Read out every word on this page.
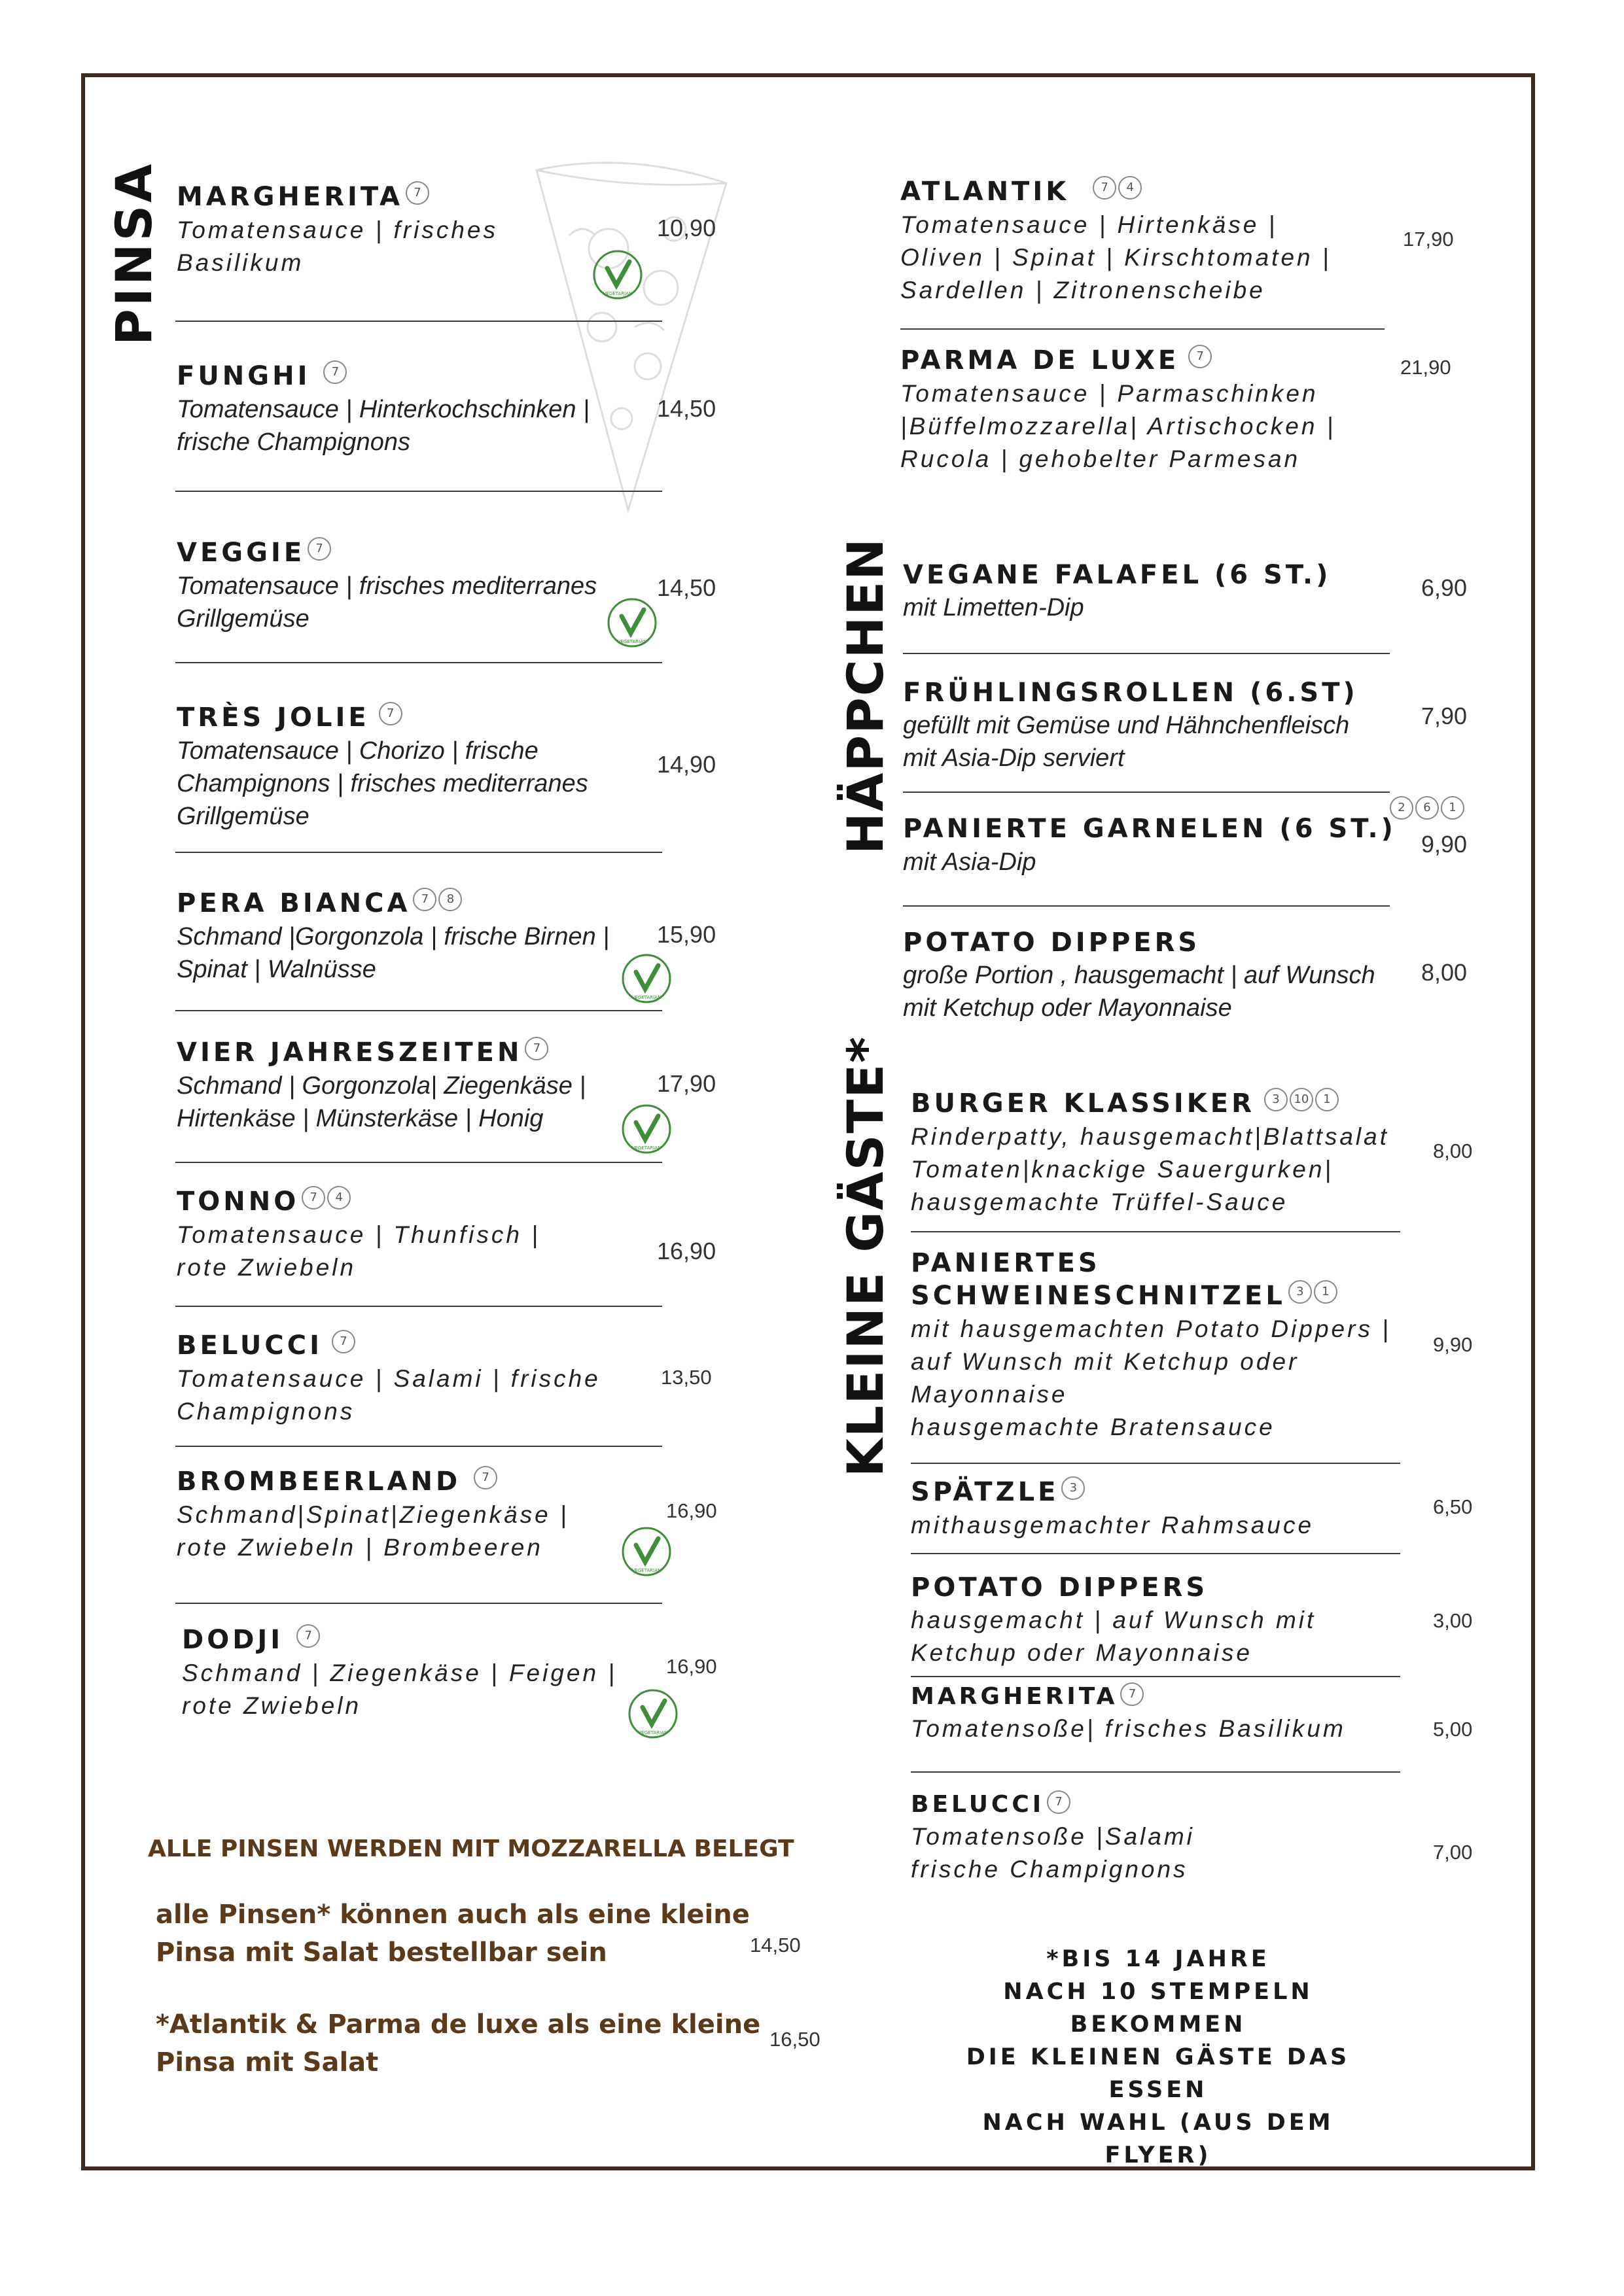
PINSA
HÄPPCHEN
KLEINE GÄSTE*
MARGHERITA 7
Tomatensauce | frisches
Basilikum
10,90
FUNGHI 7
Tomatensauce | Hinterkochschinken |
frische Champignons
14,50
VEGGIE 7
Tomatensauce | frisches mediterranes
Grillgemüse
14,50
TRÈS JOLIE 7
Tomatensauce | Chorizo | frische
Champignons | frisches mediterranes
Grillgemüse
14,90
PERA BIANCA 7 8
Schmand |Gorgonzola | frische Birnen |
Spinat | Walnüsse
15,90
VIER JAHRESZEITEN 7
Schmand | Gorgonzola| Ziegenkäse |
Hirtenkäse | Münsterkäse | Honig
17,90
TONNO 7 4
Tomatensauce | Thunfisch |
rote Zwiebeln
16,90
BELUCCI 7
Tomatensauce | Salami | frische
Champignons
13,50
BROMBEERLAND 7
Schmand|Spinat|Ziegenkäse |
rote Zwiebeln | Brombeeren
16,90
DODJI 7
Schmand | Ziegenkäse | Feigen |
rote Zwiebeln
16,90
VEGETARIAN
VEGETARIAN
VEGETARIAN
VEGETARIAN
VEGETARIAN
VEGETARIAN
ATLANTIK	7 4
Tomatensauce | Hirtenkäse |
Oliven | Spinat | Kirschtomaten |
Sardellen | Zitronenscheibe
17,90
PARMA DE LUXE 7
Tomatensauce | Parmaschinken
|Büffelmozzarella| Artischocken |
Rucola | gehobelter Parmesan
21,90
VEGANE FALAFEL (6 ST.)
mit Limetten-Dip
6,90
FRÜHLINGSROLLEN (6.ST)
gefüllt mit Gemüse und Hähnchenfleisch
mit Asia-Dip serviert
7,90
PANIERTE GARNELEN (6 ST.)2 6 1
mit Asia-Dip
9,90
POTATO DIPPERS
große Portion , hausgemacht | auf Wunsch
mit Ketchup oder Mayonnaise
8,00
BURGER KLASSIKER 3 10 1
Rinderpatty, hausgemacht|Blattsalat
Tomaten|knackige Sauergurken|
hausgemachte Trüffel-Sauce
8,00
PANIERTES
SCHWEINESCHNITZEL 3 1
mit hausgemachten Potato Dippers |
auf Wunsch mit Ketchup oder
Mayonnaise
hausgemachte Bratensauce
9,90
SPÄTZLE 3
mithausgemachter Rahmsauce
6,50
POTATO DIPPERS
hausgemacht | auf Wunsch mit
Ketchup oder Mayonnaise
3,00
MARGHERITA 7
Tomatensoße| frisches Basilikum	5,00
BELUCCI 7
Tomatensoße |Salami
frische Champignons
7,00
ALLE PINSEN WERDEN MIT MOZZARELLA BELEGT
alle Pinsen* können auch als eine kleine
Pinsa mit Salat bestellbar sein	14,50
*Atlantik & Parma de luxe als eine kleine
Pinsa mit Salat
16,50
*BIS 14 JAHRE
NACH 10 STEMPELN BEKOMMEN
DIE KLEINEN GÄSTE DAS ESSEN
NACH WAHL (AUS DEM FLYER)
